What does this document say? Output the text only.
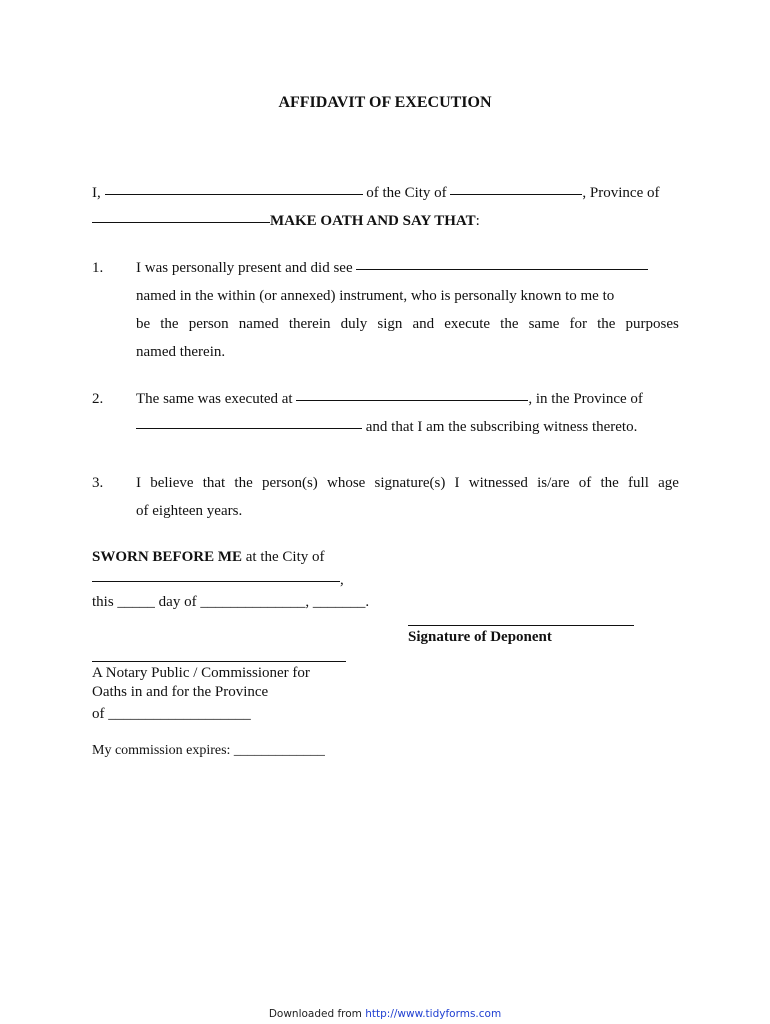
AFFIDAVIT OF EXECUTION
I,	of the City of	, Province of
MAKE OATH AND SAY THAT:
1. I was personally present and did see
named in the within (or annexed) instrument, who is personally known to me to
be the person named therein duly sign and execute the same for the purposes
named therein.
2. The same was executed at	, in the Province of
and that I am the subscribing witness thereto.
3. I believe that the person(s) whose signature(s) I witnessed is/are of the full age
of eighteen years.
SWORN BEFORE ME at the City of
,
this _____ day of ______________, _______.
Signature of Deponent
A Notary Public / Commissioner for
Oaths in and for the Province
of ___________________
My commission expires: _____________
Downloaded from http://www.tidyforms.com
